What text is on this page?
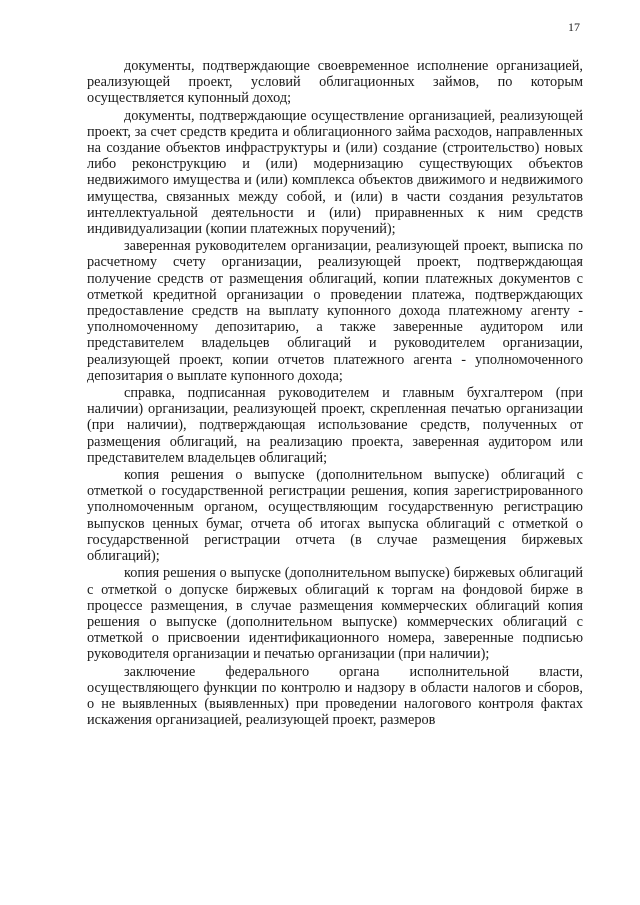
17

документы, подтверждающие своевременное исполнение организацией, реализующей проект, условий облигационных займов, по которым осуществляется купонный доход;

документы, подтверждающие осуществление организацией, реализующей проект, за счет средств кредита и облигационного займа расходов, направленных на создание объектов инфраструктуры и (или) создание (строительство) новых либо реконструкцию и (или) модернизацию существующих объектов недвижимого имущества и (или) комплекса объектов движимого и недвижимого имущества, связанных между собой, и (или) в части создания результатов интеллектуальной деятельности и (или) приравненных к ним средств индивидуализации (копии платежных поручений);

заверенная руководителем организации, реализующей проект, выписка по расчетному счету организации, реализующей проект, подтверждающая получение средств от размещения облигаций, копии платежных документов с отметкой кредитной организации о проведении платежа, подтверждающих предоставление средств на выплату купонного дохода платежному агенту - уполномоченному депозитарию, а также заверенные аудитором или представителем владельцев облигаций и руководителем организации, реализующей проект, копии отчетов платежного агента - уполномоченного депозитария о выплате купонного дохода;

справка, подписанная руководителем и главным бухгалтером (при наличии) организации, реализующей проект, скрепленная печатью организации (при наличии), подтверждающая использование средств, полученных от размещения облигаций, на реализацию проекта, заверенная аудитором или представителем владельцев облигаций;

копия решения о выпуске (дополнительном выпуске) облигаций с отметкой о государственной регистрации решения, копия зарегистрированного уполномоченным органом, осуществляющим государственную регистрацию выпусков ценных бумаг, отчета об итогах выпуска облигаций с отметкой о государственной регистрации отчета (в случае размещения биржевых облигаций);

копия решения о выпуске (дополнительном выпуске) биржевых облигаций с отметкой о допуске биржевых облигаций к торгам на фондовой бирже в процессе размещения, в случае размещения коммерческих облигаций копия решения о выпуске (дополнительном выпуске) коммерческих облигаций с отметкой о присвоении идентификационного номера, заверенные подписью руководителя организации и печатью организации (при наличии);

заключение федерального органа исполнительной власти, осуществляющего функции по контролю и надзору в области налогов и сборов, о не выявленных (выявленных) при проведении налогового контроля фактах искажения организацией, реализующей проект, размеров
